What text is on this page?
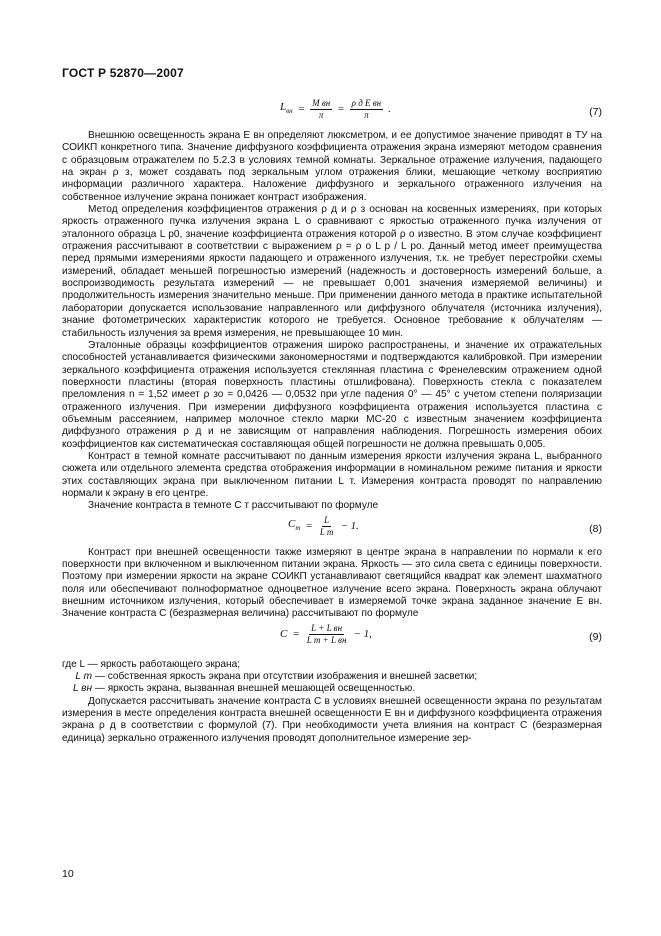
ГОСТ Р 52870—2007
$L_{вн} = \frac{\text{M вн}}{\pi} = \frac{\text{ρ д E вн}}{\pi}$ .	(7)

Внешнюю освещенность экрана E вн определяют люксметром, и ее допустимое значение приводят в ТУ на СОИКП конкретного типа. Значение диффузного коэффициента отражения экрана измеряют методом сравнения с образцовым отражателем по 5.2.3 в условиях темной комнаты. Зеркальное отражение излучения, падающего на экран ρ з, может создавать под зеркальным углом отражения блики, мешающие четкому восприятию информации различного характера. Наложение диффузного и зеркального отраженного излучения на собственное излучение экрана понижает контраст изображения.

Метод определения коэффициентов отражения ρ д и ρ з основан на косвенных измерениях, при которых яркость отраженного пучка излучения экрана L о сравнивают с яркостью отраженного пучка излучения от эталонного образца L р0, значение коэффициента отражения которой ρ о известно. В этом случае коэффициент отражения рассчитывают в соответствии с выражением ρ = ρ о L р / L ро. Данный метод имеет преимущества перед прямыми измерениями яркости падающего и отраженного излучения, т.к. не требует перестройки схемы измерений, обладает меньшей погрешностью измерений (надежность и достоверность измерений больше, а воспроизводимость результата измерений — не превышает 0,001 значения измеряемой величины) и продолжительность измерения значительно меньше. При применении данного метода в практике испытательной лаборатории допускается использование направленного или диффузного облучателя (источника излучения), знание фотометрических характеристик которого не требуется. Основное требование к облучателям — стабильность излучения за время измерения, не превышающее 10 мин.

Эталонные образцы коэффициентов отражения широко распространены, и значение их отражательных способностей устанавливается физическими закономерностями и подтверждаются калибровкой. При измерении зеркального коэффициента отражения используется стеклянная пластина с Френелевским отражением одной поверхности пластины (вторая поверхность пластины отшлифована). Поверхность стекла с показателем преломления n = 1,52 имеет ρ зо = 0,0426 — 0,0532 при угле падения 0° — 45° с учетом степени поляризации отраженного излучения. При измерении диффузного коэффициента отражения используется пластина с объемным рассеянием, например молочное стекло марки МС-20 с известным значением коэффициента диффузного отражения ρ д и не зависящим от направления наблюдения. Погрешность измерения обоих коэффициентов как систематическая составляющая общей погрешности не должна превышать 0,005.

Контраст в темной комнате рассчитывают по данным измерения яркости излучения экрана L, выбранного сюжета или отдельного элемента средства отображения информации в номинальном режиме питания и яркости этих составляющих экрана при выключенном питании L т. Измерения контраста проводят по направлению нормали к экрану в его центре.

Значение контраста в темноте C т рассчитывают по формуле

$C_т = \frac{L}{\text{L т}} - 1$.	(8)

Контраст при внешней освещенности также измеряют в центре экрана в направлении по нормали к его поверхности при включенном и выключенном питании экрана. Яркость — это сила света с единицы поверхности. Поэтому при измерении яркости на экране СОИКП устанавливают светящийся квадрат как элемент шахматного поля или обеспечивают полноформатное одноцветное излучение всего экрана. Поверхность экрана облучают внешним источником излучения, который обеспечивает в измеряемой точке экрана заданное значение E вн. Значение контраста C (безразмерная величина) рассчитывают по формуле

$C = \frac{\text{L + L вн}}{\text{L т + L вн}} - 1$,	(9)

где L — яркость работающего экрана;

L т — собственная яркость экрана при отсутствии изображения и внешней засветки;

L вн — яркость экрана, вызванная внешней мешающей освещенностью.

Допускается рассчитывать значение контраста C в условиях внешней освещенности экрана по результатам измерения в месте определения контраста внешней освещенности E вн и диффузного коэффициента отражения экрана ρ д в соответствии с формулой (7). При необходимости учета влияния на контраст C (безразмерная единица) зеркально отраженного излучения проводят дополнительное измерение зер-

10
